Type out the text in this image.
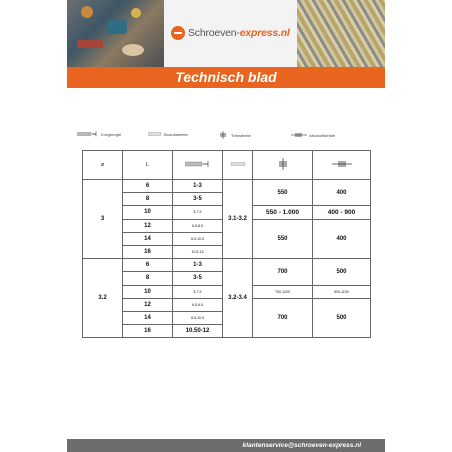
Schroeven-express.nl
Technisch blad
Kringlengte	Boordiameter	Treksterkte	Afschuifsterkte
ø	L				
3	6	1-3	3.1-3.2	550	400
	8	3-5			
	10	5-7.5		550 - 1.000	400 - 900
	12	6.5-8.5		550	400
	14	8.5-10.5			
	16	10.5-13			
3.2	6	1-3	3.2-3.4	700	500
	8	3-5			
	10	5-7.5		700-1200	500-1100
	12	6.5-9.5		700	500
	14	8.5-10.5			
	16	10.50-12			
klantenservice@schroeven-express.nl
